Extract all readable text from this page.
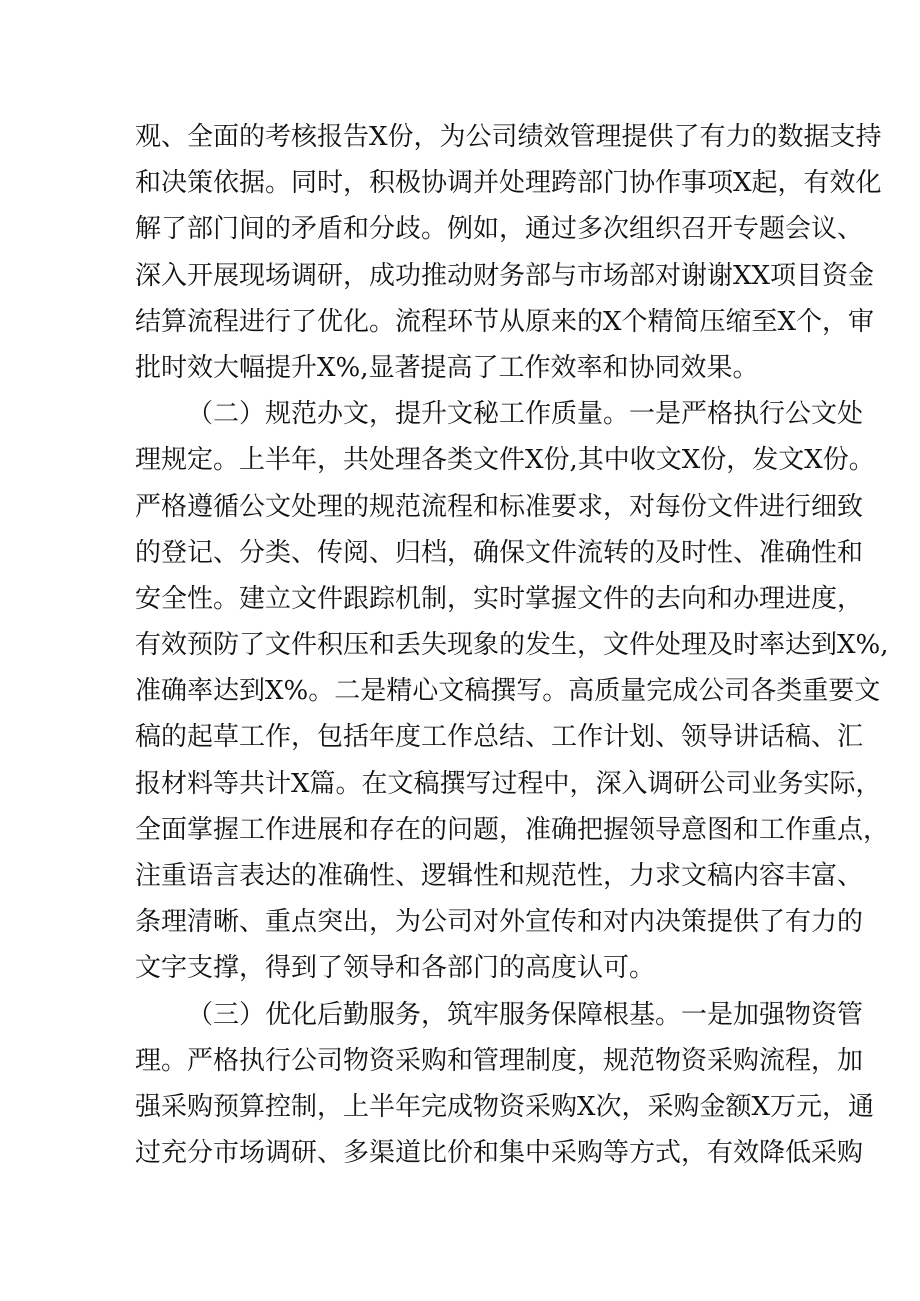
观、全面的考核报告X份，为公司绩效管理提供了有力的数据支持
和决策依据。同时，积极协调并处理跨部门协作事项X起，有效化
解了部门间的矛盾和分歧。例如，通过多次组织召开专题会议、
深入开展现场调研，成功推动财务部与市场部对谢谢XX项目资金
结算流程进行了优化。流程环节从原来的X个精简压缩至X个，审
批时效大幅提升X%,显著提高了工作效率和协同效果。
（二）规范办文，提升文秘工作质量。一是严格执行公文处
理规定。上半年，共处理各类文件X份,其中收文X份，发文X份。
严格遵循公文处理的规范流程和标准要求，对每份文件进行细致
的登记、分类、传阅、归档，确保文件流转的及时性、准确性和
安全性。建立文件跟踪机制，实时掌握文件的去向和办理进度，
有效预防了文件积压和丢失现象的发生，文件处理及时率达到X%,
准确率达到X%。二是精心文稿撰写。高质量完成公司各类重要文
稿的起草工作，包括年度工作总结、工作计划、领导讲话稿、汇
报材料等共计X篇。在文稿撰写过程中，深入调研公司业务实际，
全面掌握工作进展和存在的问题，准确把握领导意图和工作重点，
注重语言表达的准确性、逻辑性和规范性，力求文稿内容丰富、
条理清晰、重点突出，为公司对外宣传和对内决策提供了有力的
文字支撑，得到了领导和各部门的高度认可。
（三）优化后勤服务，筑牢服务保障根基。一是加强物资管
理。严格执行公司物资采购和管理制度，规范物资采购流程，加
强采购预算控制，上半年完成物资采购X次，采购金额X万元，通
过充分市场调研、多渠道比价和集中采购等方式，有效降低采购
